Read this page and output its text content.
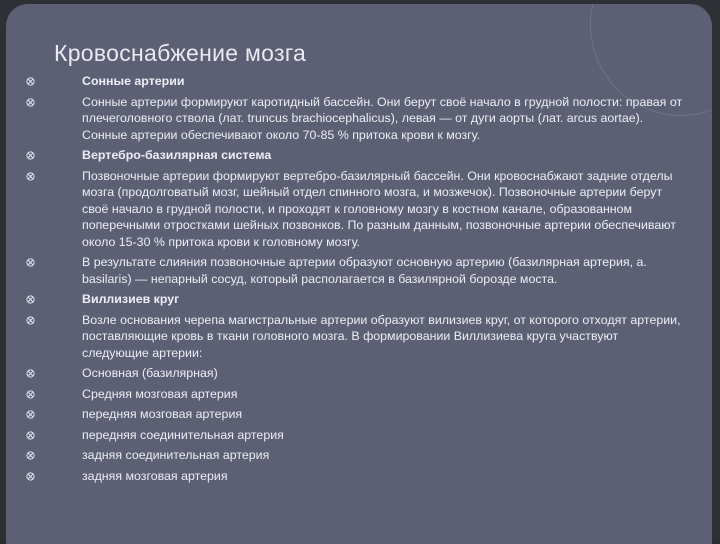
Кровоснабжение мозга
Сонные артерии
Сонные артерии формируют каротидный бассейн. Они берут своё начало в грудной полости: правая от плечеголовного ствола (лат. truncus brachiocephalicus), левая — от дуги аорты (лат. arcus aortae). Сонные артерии обеспечивают около 70-85 % притока крови к мозгу.
Вертебро-базилярная система
Позвоночные артерии формируют вертебро-базилярный бассейн. Они кровоснабжают задние отделы мозга (продолговатый мозг, шейный отдел спинного мозга, и мозжечок). Позвоночные артерии берут своё начало в грудной полости, и проходят к головному мозгу в костном канале, образованном поперечными отростками шейных позвонков. По разным данным, позвоночные артерии обеспечивают около 15-30 % притока крови к головному мозгу.
В результате слияния позвоночные артерии образуют основную артерию (базилярная артерия, а. basilaris) — непарный сосуд, который располагается в базилярной борозде моста.
Виллизиев круг
Возле основания черепа магистральные артерии образуют вилизиев круг, от которого отходят артерии, поставляющие кровь в ткани головного мозга. В формировании Виллизиева круга участвуют следующие артерии:
Основная (базилярная)
Средняя мозговая артерия
передняя мозговая артерия
передняя соединительная артерия
задняя соединительная артерия
задняя мозговая артерия
